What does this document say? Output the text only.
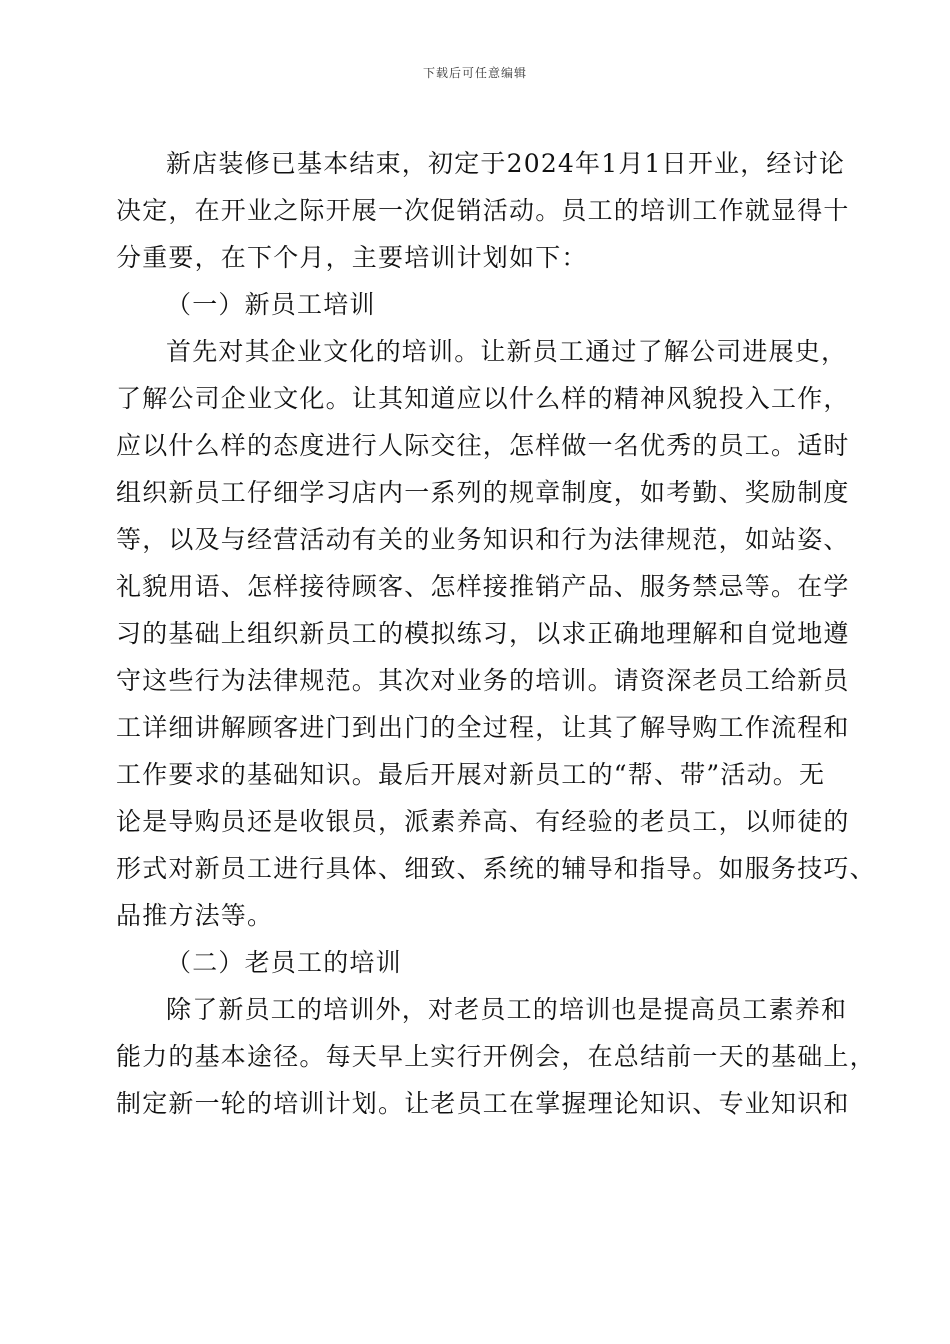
下载后可任意编辑
新店装修已基本结束，初定于2024年1月1日开业，经讨论
决定，在开业之际开展一次促销活动。员工的培训工作就显得十
分重要，在下个月，主要培训计划如下：
（一）新员工培训
首先对其企业文化的培训。让新员工通过了解公司进展史，
了解公司企业文化。让其知道应以什么样的精神风貌投入工作，
应以什么样的态度进行人际交往，怎样做一名优秀的员工。适时
组织新员工仔细学习店内一系列的规章制度，如考勤、奖励制度
等，以及与经营活动有关的业务知识和行为法律规范，如站姿、
礼貌用语、怎样接待顾客、怎样接推销产品、服务禁忌等。在学
习的基础上组织新员工的模拟练习，以求正确地理解和自觉地遵
守这些行为法律规范。其次对业务的培训。请资深老员工给新员
工详细讲解顾客进门到出门的全过程，让其了解导购工作流程和
工作要求的基础知识。最后开展对新员工的“帮、带”活动。无
论是导购员还是收银员，派素养高、有经验的老员工，以师徒的
形式对新员工进行具体、细致、系统的辅导和指导。如服务技巧、
品推方法等。
（二）老员工的培训
除了新员工的培训外，对老员工的培训也是提高员工素养和
能力的基本途径。每天早上实行开例会，在总结前一天的基础上，
制定新一轮的培训计划。让老员工在掌握理论知识、专业知识和
